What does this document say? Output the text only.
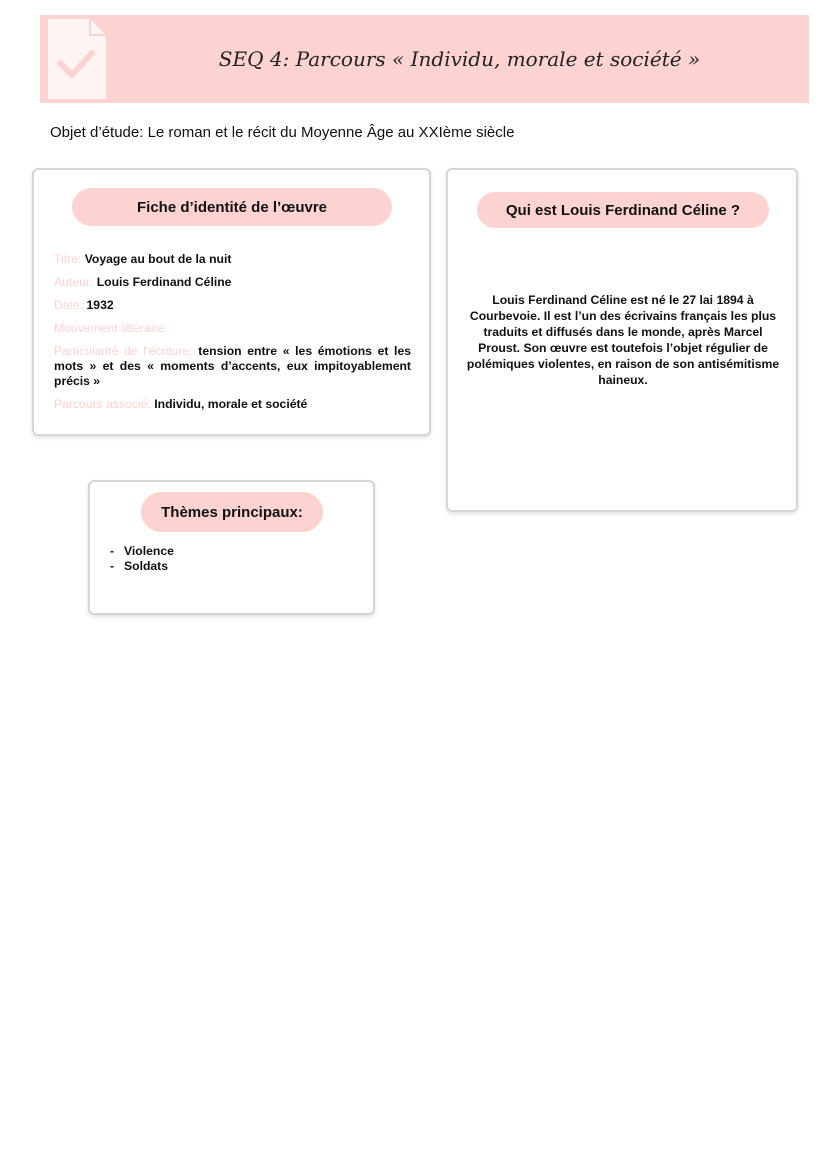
SEQ 4: Parcours « Individu, morale et société »
Objet d’étude: Le roman et le récit du Moyenne Âge au XXIème siècle
Fiche d’identité de l’œuvre
Titre: Voyage au bout de la nuit
Auteur: Louis Ferdinand Céline
Date: 1932
Mouvement littéraire:
Particularité de l’écriture: tension entre « les émotions et les mots » et des « moments d’accents, eux impitoyablement précis »
Parcours associé: Individu, morale et société
Qui est Louis Ferdinand Céline ?
Louis Ferdinand Céline est né le 27 lai 1894 à Courbevoie. Il est l’un des écrivains français les plus traduits et diffusés dans le monde, après Marcel Proust. Son œuvre est toutefois l’objet régulier de polémiques violentes, en raison de son antisémitisme haineux.
Thèmes principaux:
- Violence
- Soldats
